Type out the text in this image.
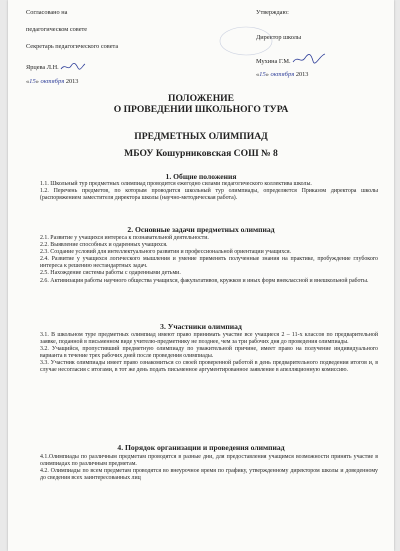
Согласовано на
педагогическом совете
Секретарь педагогического совета
Ярцева Л.Н.
«15» октября 2013
Утверждаю:
Директор школы
Мухина Г.М.
«15» октября 2013
ПОЛОЖЕНИЕ
О ПРОВЕДЕНИИ ШКОЛЬНОГО ТУРА
ПРЕДМЕТНЫХ ОЛИМПИАД
МБОУ Кошурниковская СОШ № 8
1. Общие положения
1.1. Школьный тур предметных олимпиад проводится ежегодно силами педагогического коллектива школы.
1.2. Перечень предметов, по которым проводится школьный тур олимпиады, определяется Приказом директора школы (распоряжением заместителя директора школы (научно-методическая работа).
2. Основные задачи предметных олимпиад
2.1. Развитие у учащихся интереса к познавательной деятельности.
2.2. Выявление способных и одаренных учащихся.
2.3. Создание условий для интеллектуального развития и профессиональной ориентации учащихся.
2.4. Развитие у учащихся логического мышления и умение применять полученные знания на практике, пробуждение глубокого интереса к решению нестандартных задач.
2.5. Нахождение системы работы с одаренными детьми.
2.6. Активизация работы научного общества учащихся, факультативов, кружков и иных форм внеклассной и внешкольной работы.
3. Участники олимпиад
3.1. В школьном туре предметных олимпиад имеют право принимать участие все учащиеся 2 – 11-х классов по предварительной заявке, поданной в письменном виде учителю-предметнику не позднее, чем за три рабочих дня до проведения олимпиады.
3.2. Учащийся, пропустивший предметную олимпиаду по уважительной причине, имеет право на получение индивидуального варианта в течение трех рабочих дней после проведения олимпиады.
3.3. Участник олимпиады имеет право ознакомиться со своей проверенной работой в день предварительного подведения итогов и, в случае несогласия с итогами, в тот же день подать письменное аргументированное заявление в апелляционную комиссию.
4. Порядок организации и проведения олимпиад
4.1.Олимпиады по различным предметам проводятся в разные дни, для предоставления учащимся возможности принять участие в олимпиадах по различным предметам.
4.2. Олимпиады по всем предметам проводятся во внеурочное время по графику, утвержденному директором школы и доведенному до сведения всех заинтересованных лиц
